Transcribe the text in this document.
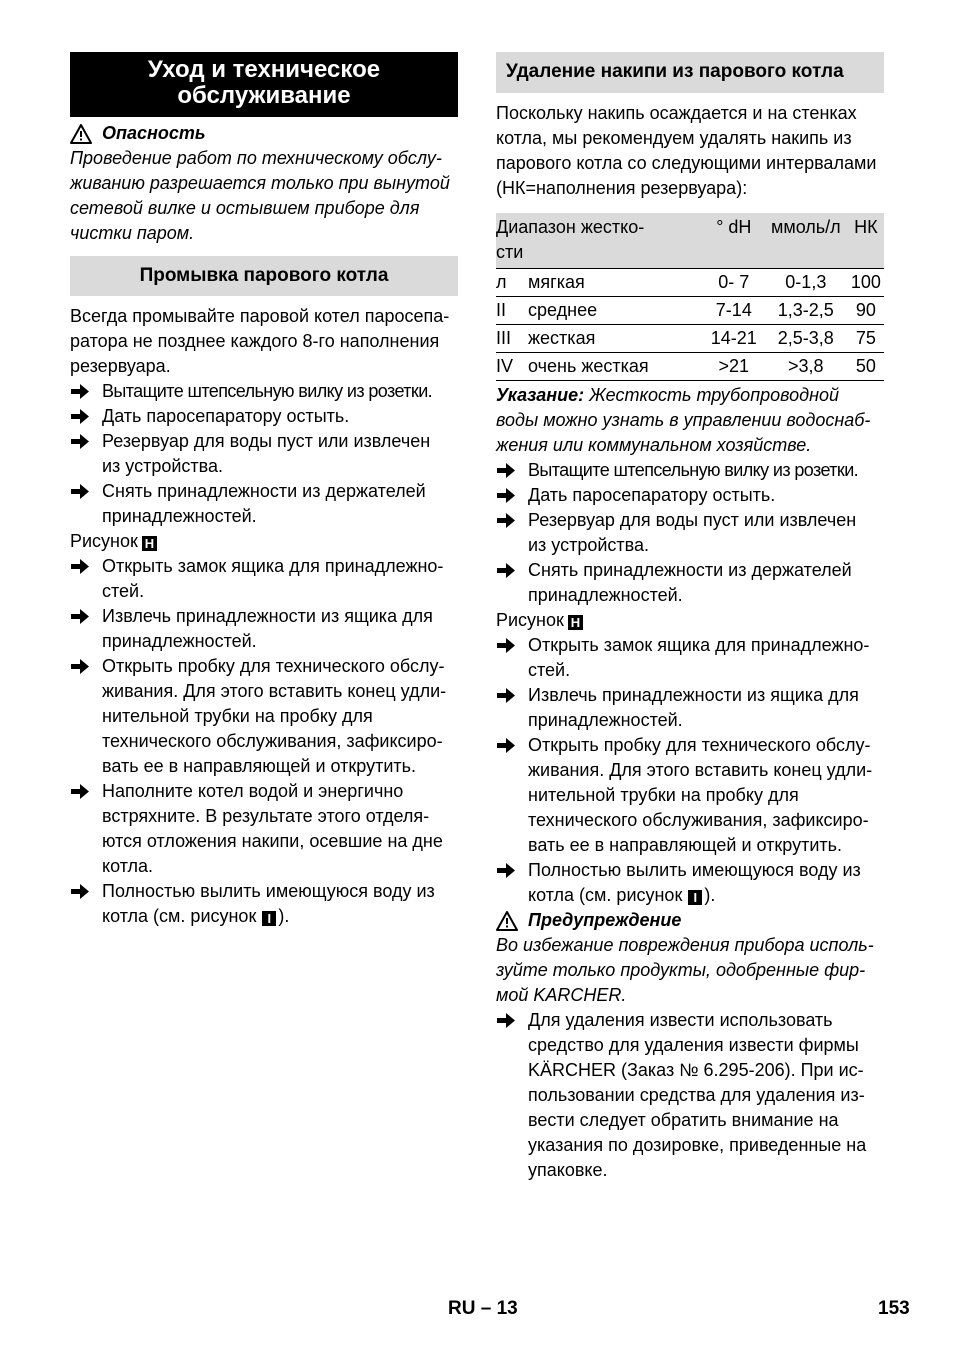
Уход и техническое
обслуживание
Опасность

Проведение работ по техническому обслу-
живанию разрешается только при вынутой
сетевой вилке и остывшем приборе для
чистки паром.

Промывка парового котла

Всегда промывайте паровой котел паросепа-
ратора не позднее каждого 8-го наполнения
резервуара.

Вытащите штепсельную вилку из розетки.
Дать паросепаратору остыть.
Резервуар для воды пуст или извлечен
из устройства.
Снять принадлежности из держателей
принадлежностей.

Рисунок H

Открыть замок ящика для принадлежно-
стей.
Извлечь принадлежности из ящика для
принадлежностей.
Открыть пробку для технического обслу-
живания. Для этого вставить конец удли-
нительной трубки на пробку для
технического обслуживания, зафиксиро-
вать ее в направляющей и открутить.
Наполните котел водой и энергично
встряхните. В результате этого отделя-
ются отложения накипи, осевшие на дне
котла.
Полностью вылить имеющуюся воду из
котла (см. рисунок I ).
Удаление накипи из парового котла

Поскольку накипь осаждается и на стенках
котла, мы рекомендуем удалять накипь из
парового котла со следующими интервалами
(НК=наполнения резервуара):

Диапазон жестко-
сти		° dH	ммоль/л	НК
л	мягкая	0- 7	0-1,3	100
II	среднее	7-14	1,3-2,5	90
III	жесткая	14-21	2,5-3,8	75
IV	очень жесткая	>21	>3,8	50

Указание: Жесткость трубопроводной
воды можно узнать в управлении водоснаб-
жения или коммунальном хозяйстве.

Вытащите штепсельную вилку из розетки.
Дать паросепаратору остыть.
Резервуар для воды пуст или извлечен
из устройства.
Снять принадлежности из держателей
принадлежностей.

Рисунок H

Открыть замок ящика для принадлежно-
стей.
Извлечь принадлежности из ящика для
принадлежностей.
Открыть пробку для технического обслу-
живания. Для этого вставить конец удли-
нительной трубки на пробку для
технического обслуживания, зафиксиро-
вать ее в направляющей и открутить.
Полностью вылить имеющуюся воду из
котла (см. рисунок I ).
Предупреждение

Во избежание повреждения прибора исполь-
зуйте только продукты, одобренные фир-
мой KARCHER.

Для удаления извести использовать
средство для удаления извести фирмы
KÄRCHER (Заказ № 6.295-206). При ис-
пользовании средства для удаления из-
вести следует обратить внимание на
указания по дозировке, приведенные на
упаковке.
RU – 13	153
